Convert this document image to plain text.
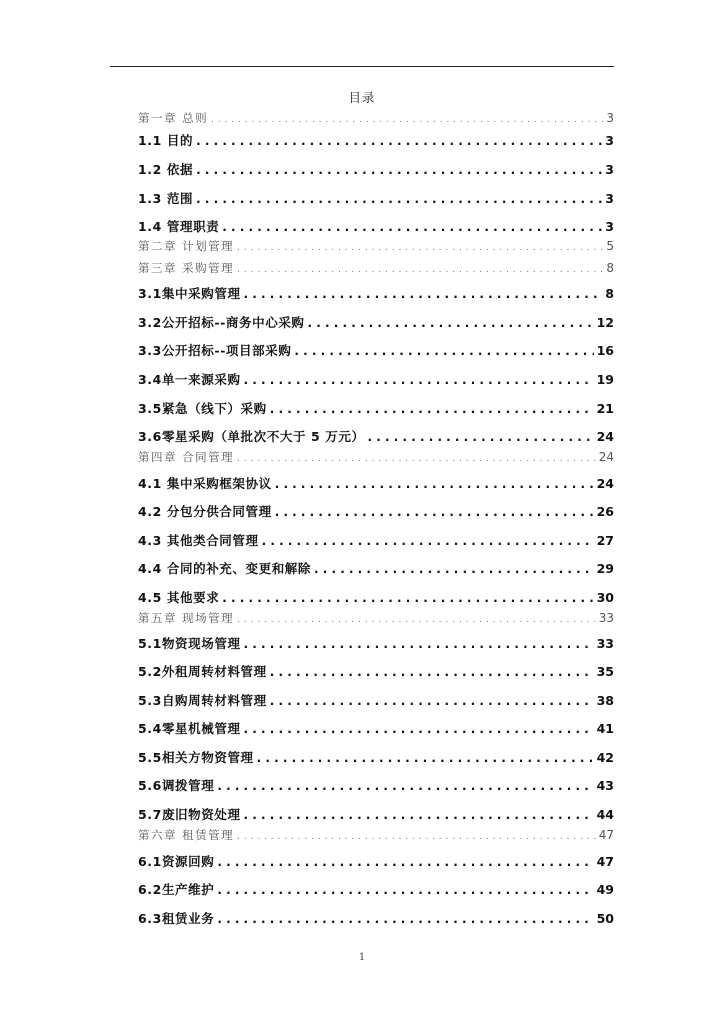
目录
第一章 总则 . . .	3
1.1 目的 . . .	3
1.2 依据 . . .	3
1.3 范围 . . .	3
1.4 管理职责 . . .	3
第二章 计划管理 . . .	5
第三章 采购管理 . . .	8
3.1集中采购管理 . . .	8
3.2公开招标--商务中心采购 . . .	12
3.3公开招标--项目部采购 . . .	16
3.4单一来源采购 . . .	19
3.5紧急（线下）采购 . . .	21
3.6零星采购（单批次不大于 5 万元） . . .	24
第四章 合同管理 . . .	24
4.1 集中采购框架协议 . . .	24
4.2 分包分供合同管理 . . .	26
4.3 其他类合同管理 . . .	27
4.4 合同的补充、变更和解除 . . .	29
4.5 其他要求 . . .	30
第五章 现场管理 . . .	33
5.1物资现场管理 . . .	33
5.2外租周转材料管理 . . .	35
5.3自购周转材料管理 . . .	38
5.4零星机械管理 . . .	41
5.5相关方物资管理 . . .	42
5.6调拨管理 . . .	43
5.7废旧物资处理 . . .	44
第六章 租赁管理 . . .	47
6.1资源回购 . . .	47
6.2生产维护 . . .	49
6.3租赁业务 . . .	50
1
